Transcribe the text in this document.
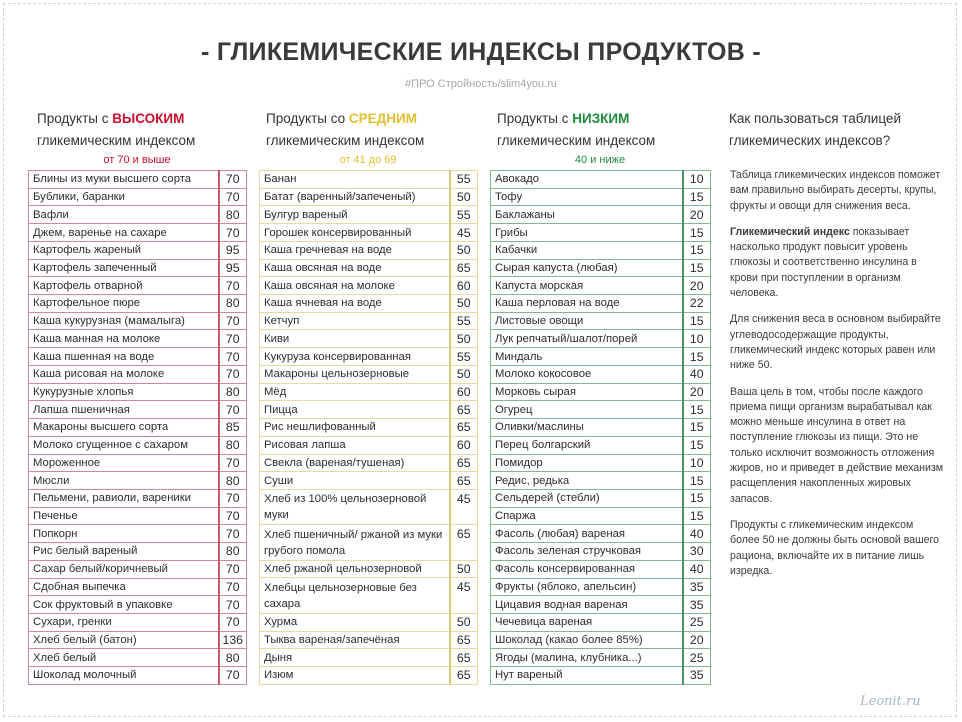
- ГЛИКЕМИЧЕСКИЕ ИНДЕКСЫ ПРОДУКТОВ -
#ПРО Стройность/slim4you.ru
Продукты с ВЫСОКИМ
гликемическим индексом
от 70 и выше
Блины из муки высшего сорта	70
Бублики, баранки	70
Вафли	80
Джем, варенье на сахаре	70
Картофель жареный	95
Картофель запеченный	95
Картофель отварной	70
Картофельное пюре	80
Каша кукурузная (мамалыга)	70
Каша манная на молоке	70
Каша пшенная на воде	70
Каша рисовая на молоке	70
Кукурузные хлопья	80
Лапша пшеничная	70
Макароны высшего сорта	85
Молоко сгущенное с сахаром	80
Мороженное	70
Мюсли	80
Пельмени, равиоли, вареники	70
Печенье	70
Попкорн	70
Рис белый вареный	80
Сахар белый/коричневый	70
Сдобная выпечка	70
Сок фруктовый в упаковке	70
Сухари, гренки	70
Хлеб белый (батон)	136
Хлеб белый	80
Шоколад молочный	70
Продукты со СРЕДНИМ
гликемическим индексом
от 41 до 69
Банан	55
Батат (варенный/запеченый)	50
Булгур вареный	55
Горошек консервированный	45
Каша гречневая на воде	50
Каша овсяная на воде	65
Каша овсяная на молоке	60
Каша ячневая на воде	50
Кетчуп	55
Киви	50
Кукуруза консервированная	55
Макароны цельнозерновые	50
Мёд	60
Пицца	65
Рис нешлифованный	65
Рисовая лапша	60
Свекла (вареная/тушеная)	65
Суши	65
Хлеб из 100% цельнозерновой муки	45
Хлеб пшеничный/ ржаной из муки грубого помола	65
Хлеб ржаной цельнозерновой	50
Хлебцы цельнозерновые без сахара	45
Хурма	50
Тыква вареная/запечёная	65
Дыня	65
Изюм	65
Продукты с НИЗКИМ
гликемическим индексом
40 и ниже
Авокадо	10
Тофу	15
Баклажаны	20
Грибы	15
Кабачки	15
Сырая капуста (любая)	15
Капуста морская	20
Каша перловая на воде	22
Листовые овощи	15
Лук репчатый/шалот/порей	10
Миндаль	15
Молоко кокосовое	40
Морковь сырая	20
Огурец	15
Оливки/маслины	15
Перец болгарский	15
Помидор	10
Редис, редька	15
Сельдерей (стебли)	15
Спаржа	15
Фасоль (любая) вареная	40
Фасоль зеленая стручковая	30
Фасоль консервированная	40
Фрукты (яблоко, апельсин)	35
Цицавия водная вареная	35
Чечевица вареная	25
Шоколад (какао более 85%)	20
Ягоды (малина, клубника...)	25
Нут вареный	35
Как пользоваться таблицей
гликемических индексов?

Таблица гликемических индексов поможет вам правильно выбирать десерты, крупы, фрукты и овощи для снижения веса.

Гликемический индекс показывает насколько продукт повысит уровень глюкозы и соответственно инсулина в крови при поступлении в организм человека.

Для снижения веса в основном выбирайте углеводосодержащие продукты, гликемический индекс которых равен или ниже 50.

Ваша цель в том, чтобы после каждого приема пищи организм вырабатывал как можно меньше инсулина в ответ на поступление глюкозы из пищи. Это не только исключит возможность отложения жиров, но и приведет в действие механизм расщепления накопленных жировых запасов.

Продукты с гликемическим индексом более 50 не должны быть основой вашего рациона, включайте их в питание лишь изредка.

Leonit.ru
